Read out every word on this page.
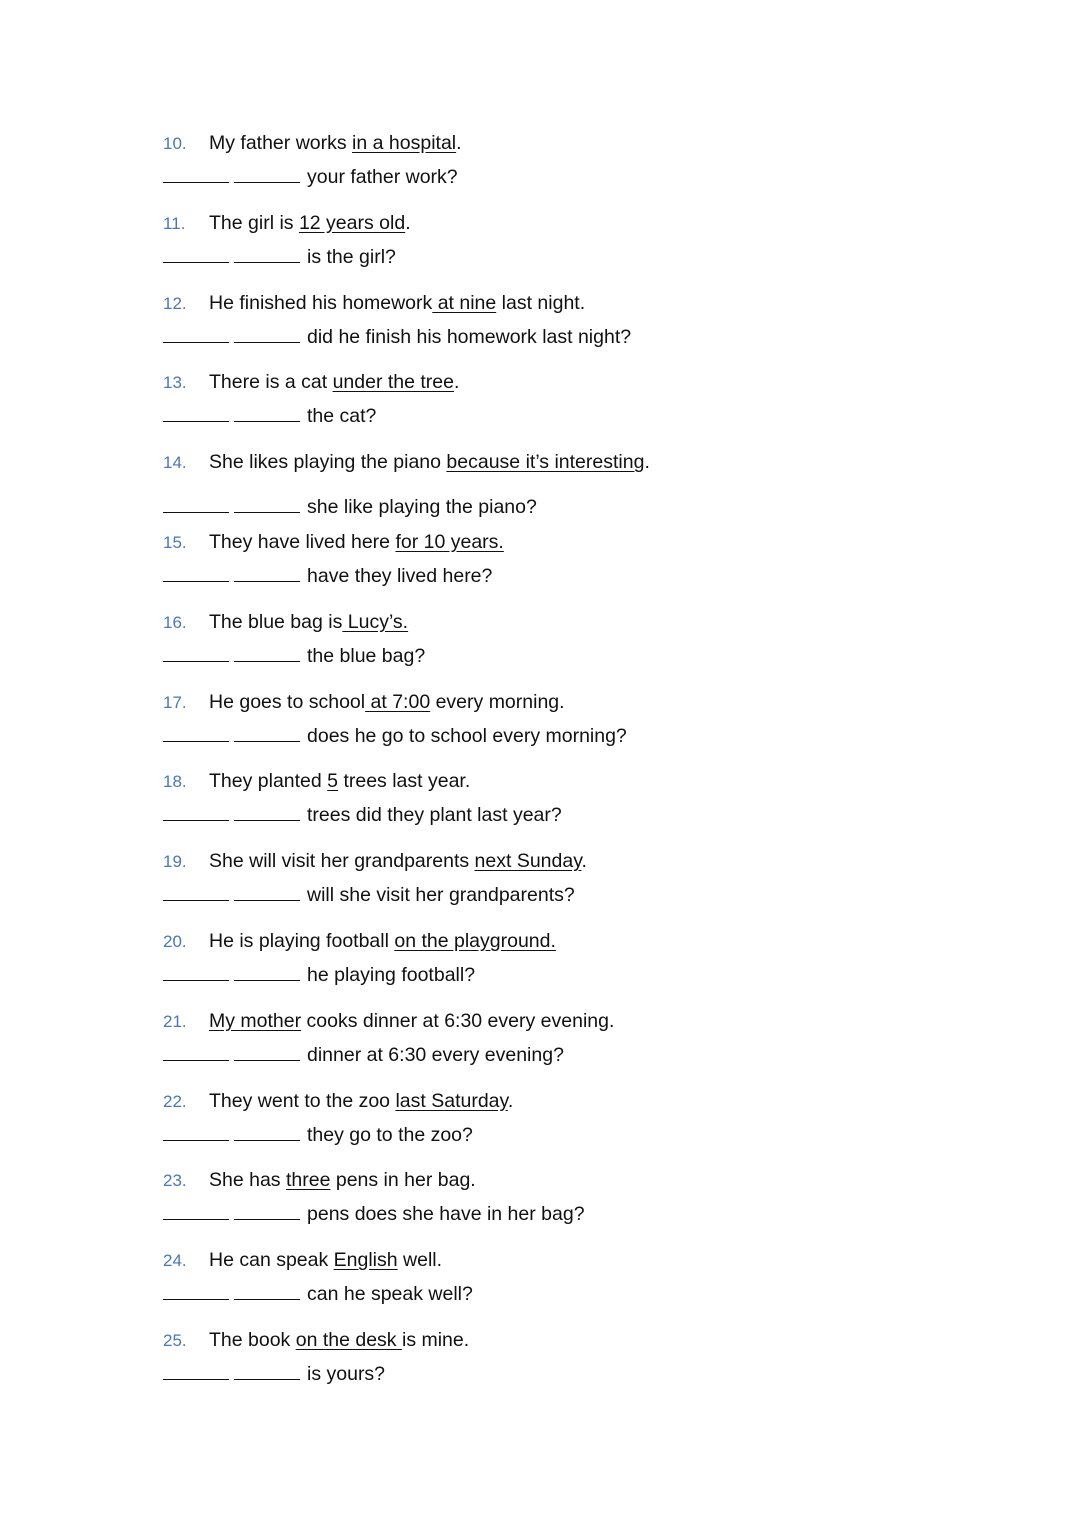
10. My father works in a hospital.
your father work?
11. The girl is 12 years old.
is the girl?
12. He finished his homework at nine last night.
did he finish his homework last night?
13. There is a cat under the tree.
the cat?
14. She likes playing the piano because it’s interesting.
she like playing the piano?
15. They have lived here for 10 years.
have they lived here?
16. The blue bag is Lucy’s.
the blue bag?
17. He goes to school at 7:00 every morning.
does he go to school every morning?
18. They planted 5 trees last year.
trees did they plant last year?
19. She will visit her grandparents next Sunday.
will she visit her grandparents?
20. He is playing football on the playground.
he playing football?
21. My mother cooks dinner at 6:30 every evening.
dinner at 6:30 every evening?
22. They went to the zoo last Saturday.
they go to the zoo?
23. She has three pens in her bag.
pens does she have in her bag?
24. He can speak English well.
can he speak well?
25. The book on the desk is mine.
is yours?
